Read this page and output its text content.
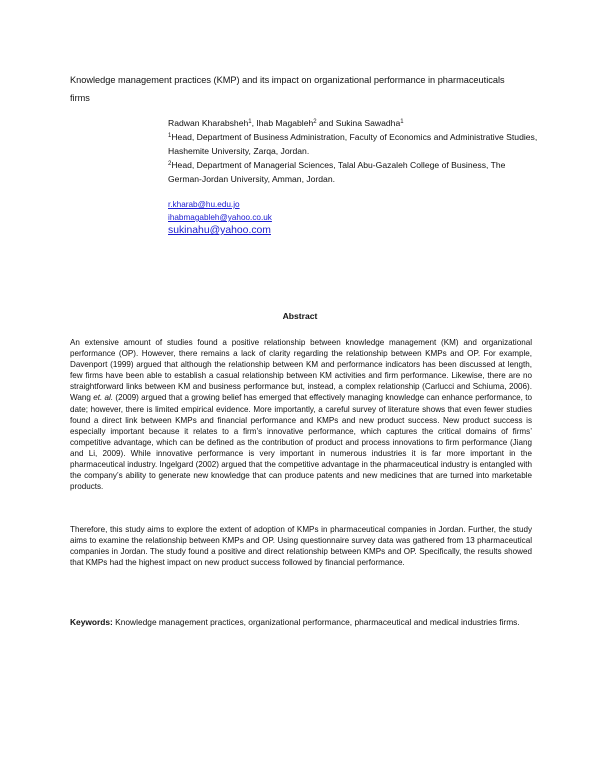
Knowledge management practices (KMP) and its impact on organizational performance in pharmaceuticals firms
Radwan Kharabsheh$^1$, Ihab Magableh$^2$ and Sukina Sawadha$^1$

$^1$Head, Department of Business Administration, Faculty of Economics and Administrative Studies, Hashemite University, Zarqa, Jordan.

$^2$Head, Department of Managerial Sciences, Talal Abu-Gazaleh College of Business, The German-Jordan University, Amman, Jordan.

r.kharab@hu.edu.jo
ihabmagableh@yahoo.co.uk
sukinahu@yahoo.com
Abstract

An extensive amount of studies found a positive relationship between knowledge management (KM) and organizational performance (OP). However, there remains a lack of clarity regarding the relationship between KMPs and OP. For example, Davenport (1999) argued that although the relationship between KM and performance indicators has been discussed at length, few firms have been able to establish a casual relationship between KM activities and firm performance. Likewise, there are no straightforward links between KM and business performance but, instead, a complex relationship (Carlucci and Schiuma, 2006). Wang et. al. (2009) argued that a growing belief has emerged that effectively managing knowledge can enhance performance, to date; however, there is limited empirical evidence. More importantly, a careful survey of literature shows that even fewer studies found a direct link between KMPs and financial performance and KMPs and new product success. New product success is especially important because it relates to a firm’s innovative performance, which captures the critical domains of firms’ competitive advantage, which can be defined as the contribution of product and process innovations to firm performance (Jiang and Li, 2009). While innovative performance is very important in numerous industries it is far more important in the pharmaceutical industry. Ingelgard (2002) argued that the competitive advantage in the pharmaceutical industry is entangled with the company’s ability to generate new knowledge that can produce patents and new medicines that are turned into marketable products.

Therefore, this study aims to explore the extent of adoption of KMPs in pharmaceutical companies in Jordan. Further, the study aims to examine the relationship between KMPs and OP. Using questionnaire survey data was gathered from 13 pharmaceutical companies in Jordan. The study found a positive and direct relationship between KMPs and OP. Specifically, the results showed that KMPs had the highest impact on new product success followed by financial performance.

Keywords: Knowledge management practices, organizational performance, pharmaceutical and medical industries firms.
